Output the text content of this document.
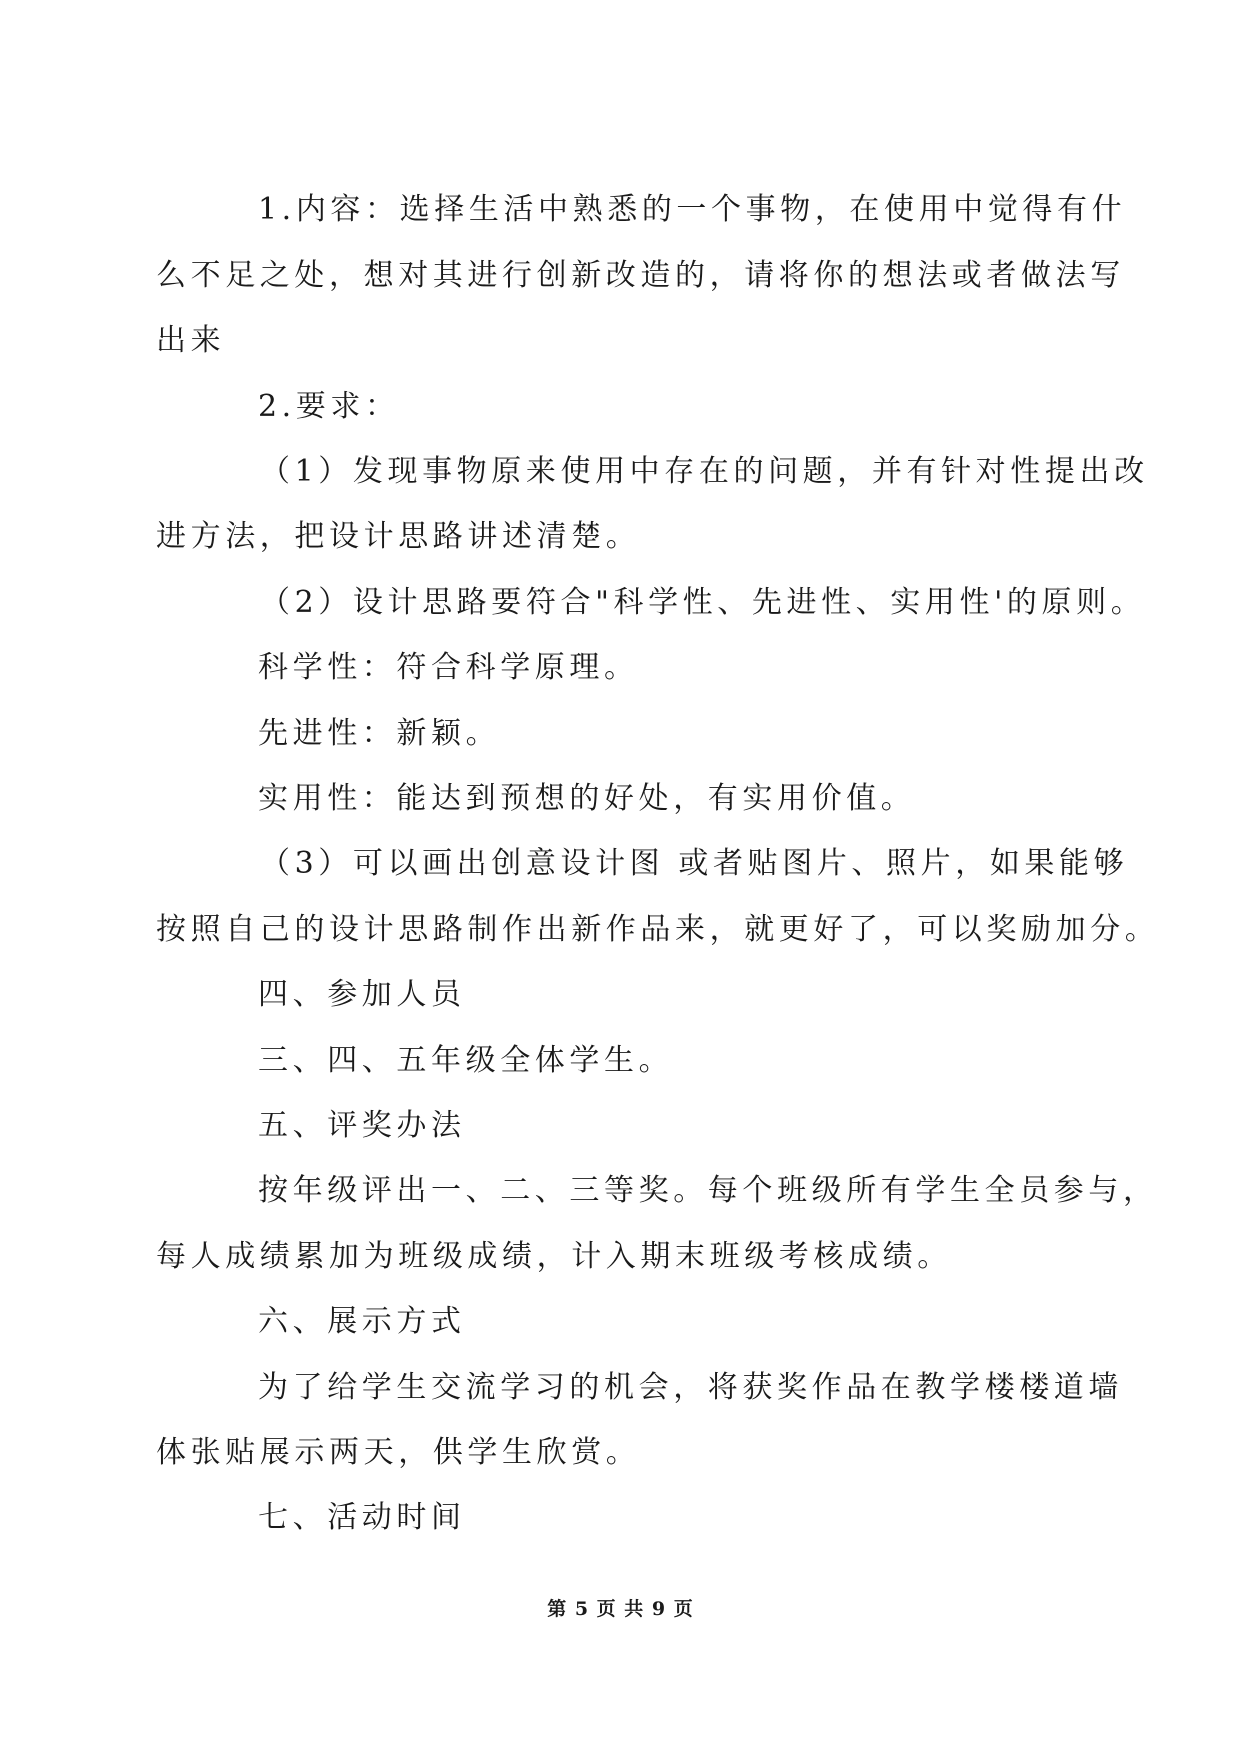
1.内容：选择生活中熟悉的一个事物，在使用中觉得有什
么不足之处，想对其进行创新改造的，请将你的想法或者做法写
出来
2.要求：
（1）发现事物原来使用中存在的问题，并有针对性提出改
进方法，把设计思路讲述清楚。
（2）设计思路要符合"科学性、先进性、实用性'的原则。
科学性：符合科学原理。
先进性：新颖。
实用性：能达到预想的好处，有实用价值。
（3）可以画出创意设计图 或者贴图片、照片，如果能够
按照自己的设计思路制作出新作品来，就更好了，可以奖励加分。
四、参加人员
三、四、五年级全体学生。
五、评奖办法
按年级评出一、二、三等奖。每个班级所有学生全员参与，
每人成绩累加为班级成绩，计入期末班级考核成绩。
六、展示方式
为了给学生交流学习的机会，将获奖作品在教学楼楼道墙
体张贴展示两天，供学生欣赏。
七、活动时间
第 5 页 共 9 页
